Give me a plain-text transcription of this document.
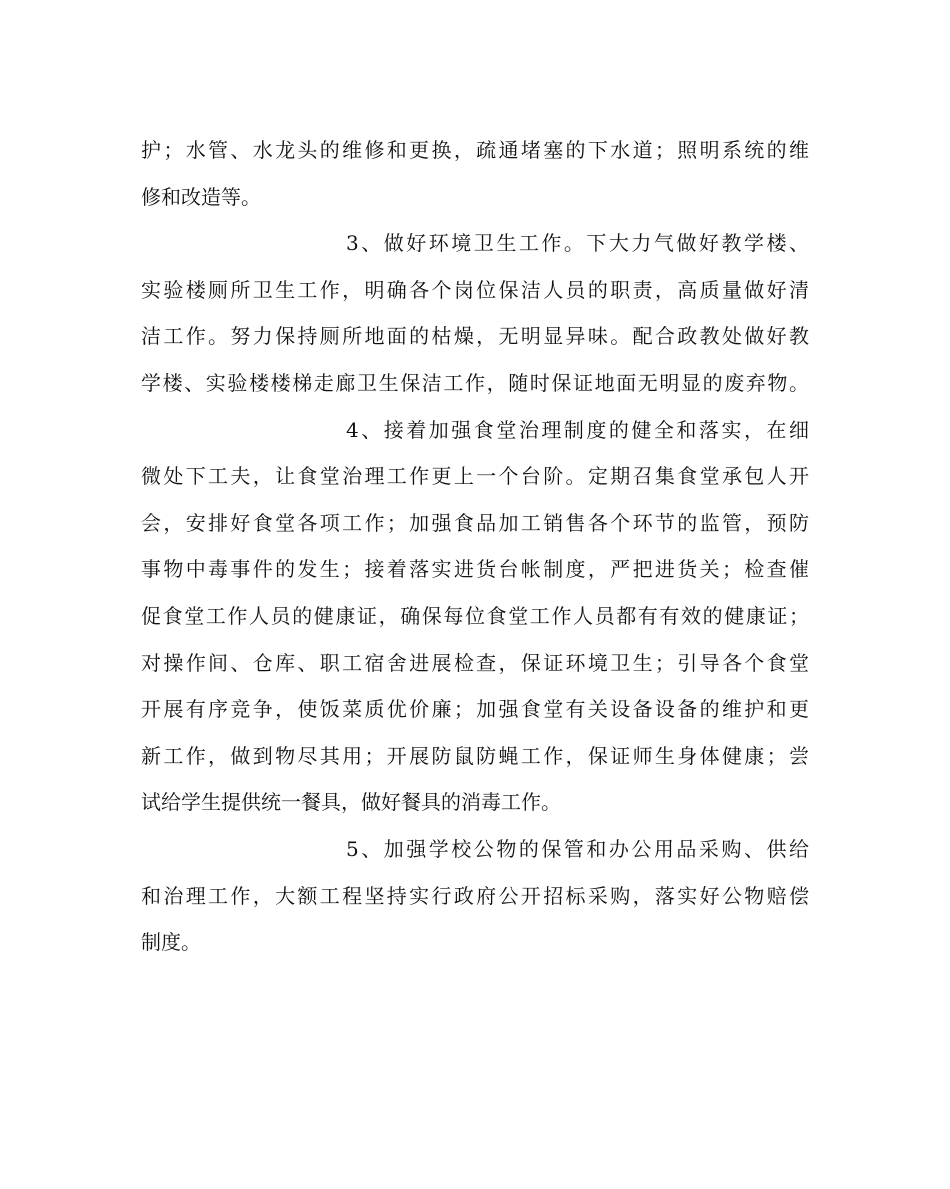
护；水管、水龙头的维修和更换，疏通堵塞的下水道；照明系统的维
修和改造等。
3、做好环境卫生工作。下大力气做好教学楼、
实验楼厕所卫生工作，明确各个岗位保洁人员的职责，高质量做好清
洁工作。努力保持厕所地面的枯燥，无明显异味。配合政教处做好教
学楼、实验楼楼梯走廊卫生保洁工作，随时保证地面无明显的废弃物。
4、接着加强食堂治理制度的健全和落实，在细
微处下工夫，让食堂治理工作更上一个台阶。定期召集食堂承包人开
会，安排好食堂各项工作；加强食品加工销售各个环节的监管，预防
事物中毒事件的发生；接着落实进货台帐制度，严把进货关；检查催
促食堂工作人员的健康证，确保每位食堂工作人员都有有效的健康证；
对操作间、仓库、职工宿舍进展检查，保证环境卫生；引导各个食堂
开展有序竞争，使饭菜质优价廉；加强食堂有关设备设备的维护和更
新工作，做到物尽其用；开展防鼠防蝇工作，保证师生身体健康；尝
试给学生提供统一餐具，做好餐具的消毒工作。
5、加强学校公物的保管和办公用品采购、供给
和治理工作，大额工程坚持实行政府公开招标采购，落实好公物赔偿
制度。
